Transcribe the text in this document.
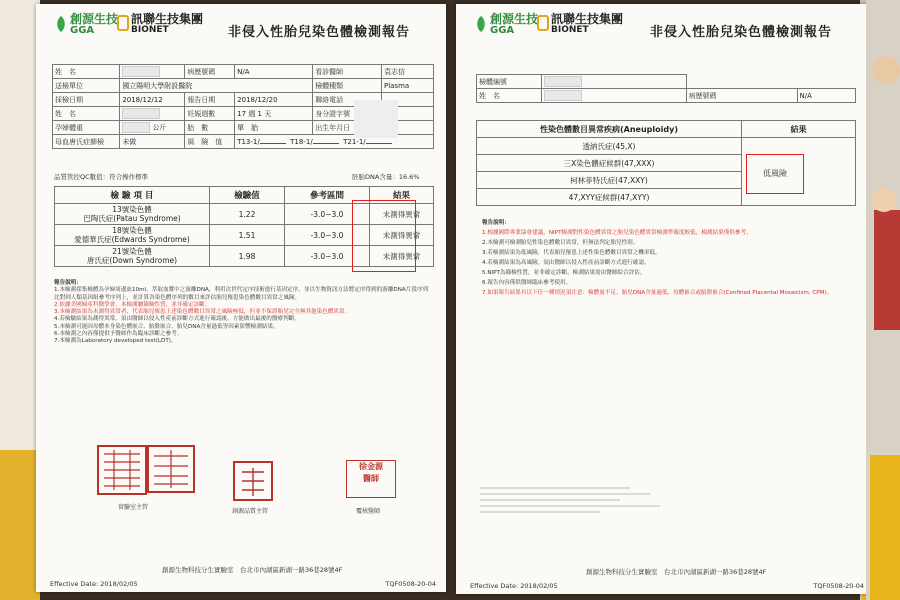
創源生技
GGA
訊聯生技集團
BIONET	非侵入性胎兒染色體檢測報告
姓　名		病歷號碼	N/A	看診醫師	袁志信
送檢單位	國立陽明大學附設醫院			檢體種類	Plasma
採檢日期	2018/12/12	報告日期	2018/12/20	聯絡電話	
姓　名		妊娠週數	17 週 1 天	身分證字號	
孕婦體重	公斤	胎　數	單　胎	出生年月日	
母血唐氏症篩檢	未做	風　險　值	T13-1/ T18-1/ T21-1/		
品質管控QC數值：符合操作標準	胚胎DNA含量：16.6%
檢 驗 項 目	檢驗值	參考區間	結果
13號染色體
巴陶氏症(Patau Syndrome)	1.22	-3.0~3.0	未測得異常
18號染色體
愛德華氏症(Edwards Syndrome)	1.51	-3.0~3.0	未測得異常
21號染色體
唐氏症(Down Syndrome)	1.98	-3.0~3.0	未測得異常
報告說明：
1.本檢測採集檢體為孕婦周邊血10ml，萃取血漿中之游離DNA，利用次世代定序技術進行基因定序，並以生物資訊方法將定序得到的游離DNA片段序列比對到人類基因組參考序列上，並計算各染色體序列的數目來評估胎兒罹患染色體數目異常之風險。
2.依據美國婦產科醫學會，本檢測屬篩檢性質，並非確定診斷。
3.本檢測結果為未測得異常者，代表胎兒罹患上述染色體數目異常之風險極低，但並不保證胎兒完全無其他染色體異常。
4.若檢驗結果為測得異常，須由醫師以侵入性產前診斷方式進行確認後，方能做出最後的醫療判斷。
5.本檢測可能因母體本身染色體嵌合、胎盤嵌合、胎兒DNA含量過低等因素影響檢測結果。
6.本檢測之內容僅提供予醫師作為臨床診斷之參考。
7.本檢測為Laboratory developed test(LDT)。
實驗室主管
創源品質主管
徐金源
醫師
覆核醫師
Effective Date: 2018/02/05
創源生物科技分生實驗室　台北市內湖區新湖一路36巷28號4F
TQF0508-20-04
創源生技
GGA
訊聯生技集團
BIONET	非侵入性胎兒染色體檢測報告
檢體編號			
姓　名		病歷號碼	N/A
性染色體數目異常疾病(Aneuploidy)	結果
透納氏症(45,X)	
三X染色體症候群(47,XXX)	
柯林菲特氏症(47,XXY)	
47,XYY症候群(47,XYY)	
低風險
報告說明：
1.根據國際專業協會建議，NIPT檢測對性染色體異常之胎兒染色體異常檢測準確度較低，檢測結果僅供參考。
2.本檢測可檢測胎兒性染色體數目異常，但無法判定胎兒性別。
3.若檢測結果為低風險，代表胎兒罹患上述性染色體數目異常之機率低。
4.若檢測結果為高風險，須由醫師以侵入性產前診斷方式進行確認。
5.NIPT為篩檢性質，並非確定診斷，檢測結果需由醫師綜合評估。
6.報告內容僅供醫師臨床參考使用。
7.如果報告結果有以下任一種情況須注意：檢體量不足、胎兒DNA含量過低、母體嵌合或胎盤嵌合(Confined Placental Mosaicism, CPM)。
Effective Date: 2018/02/05
創源生物科技分生實驗室　台北市內湖區新湖一路36巷28號4F
TQF0508-20-04
